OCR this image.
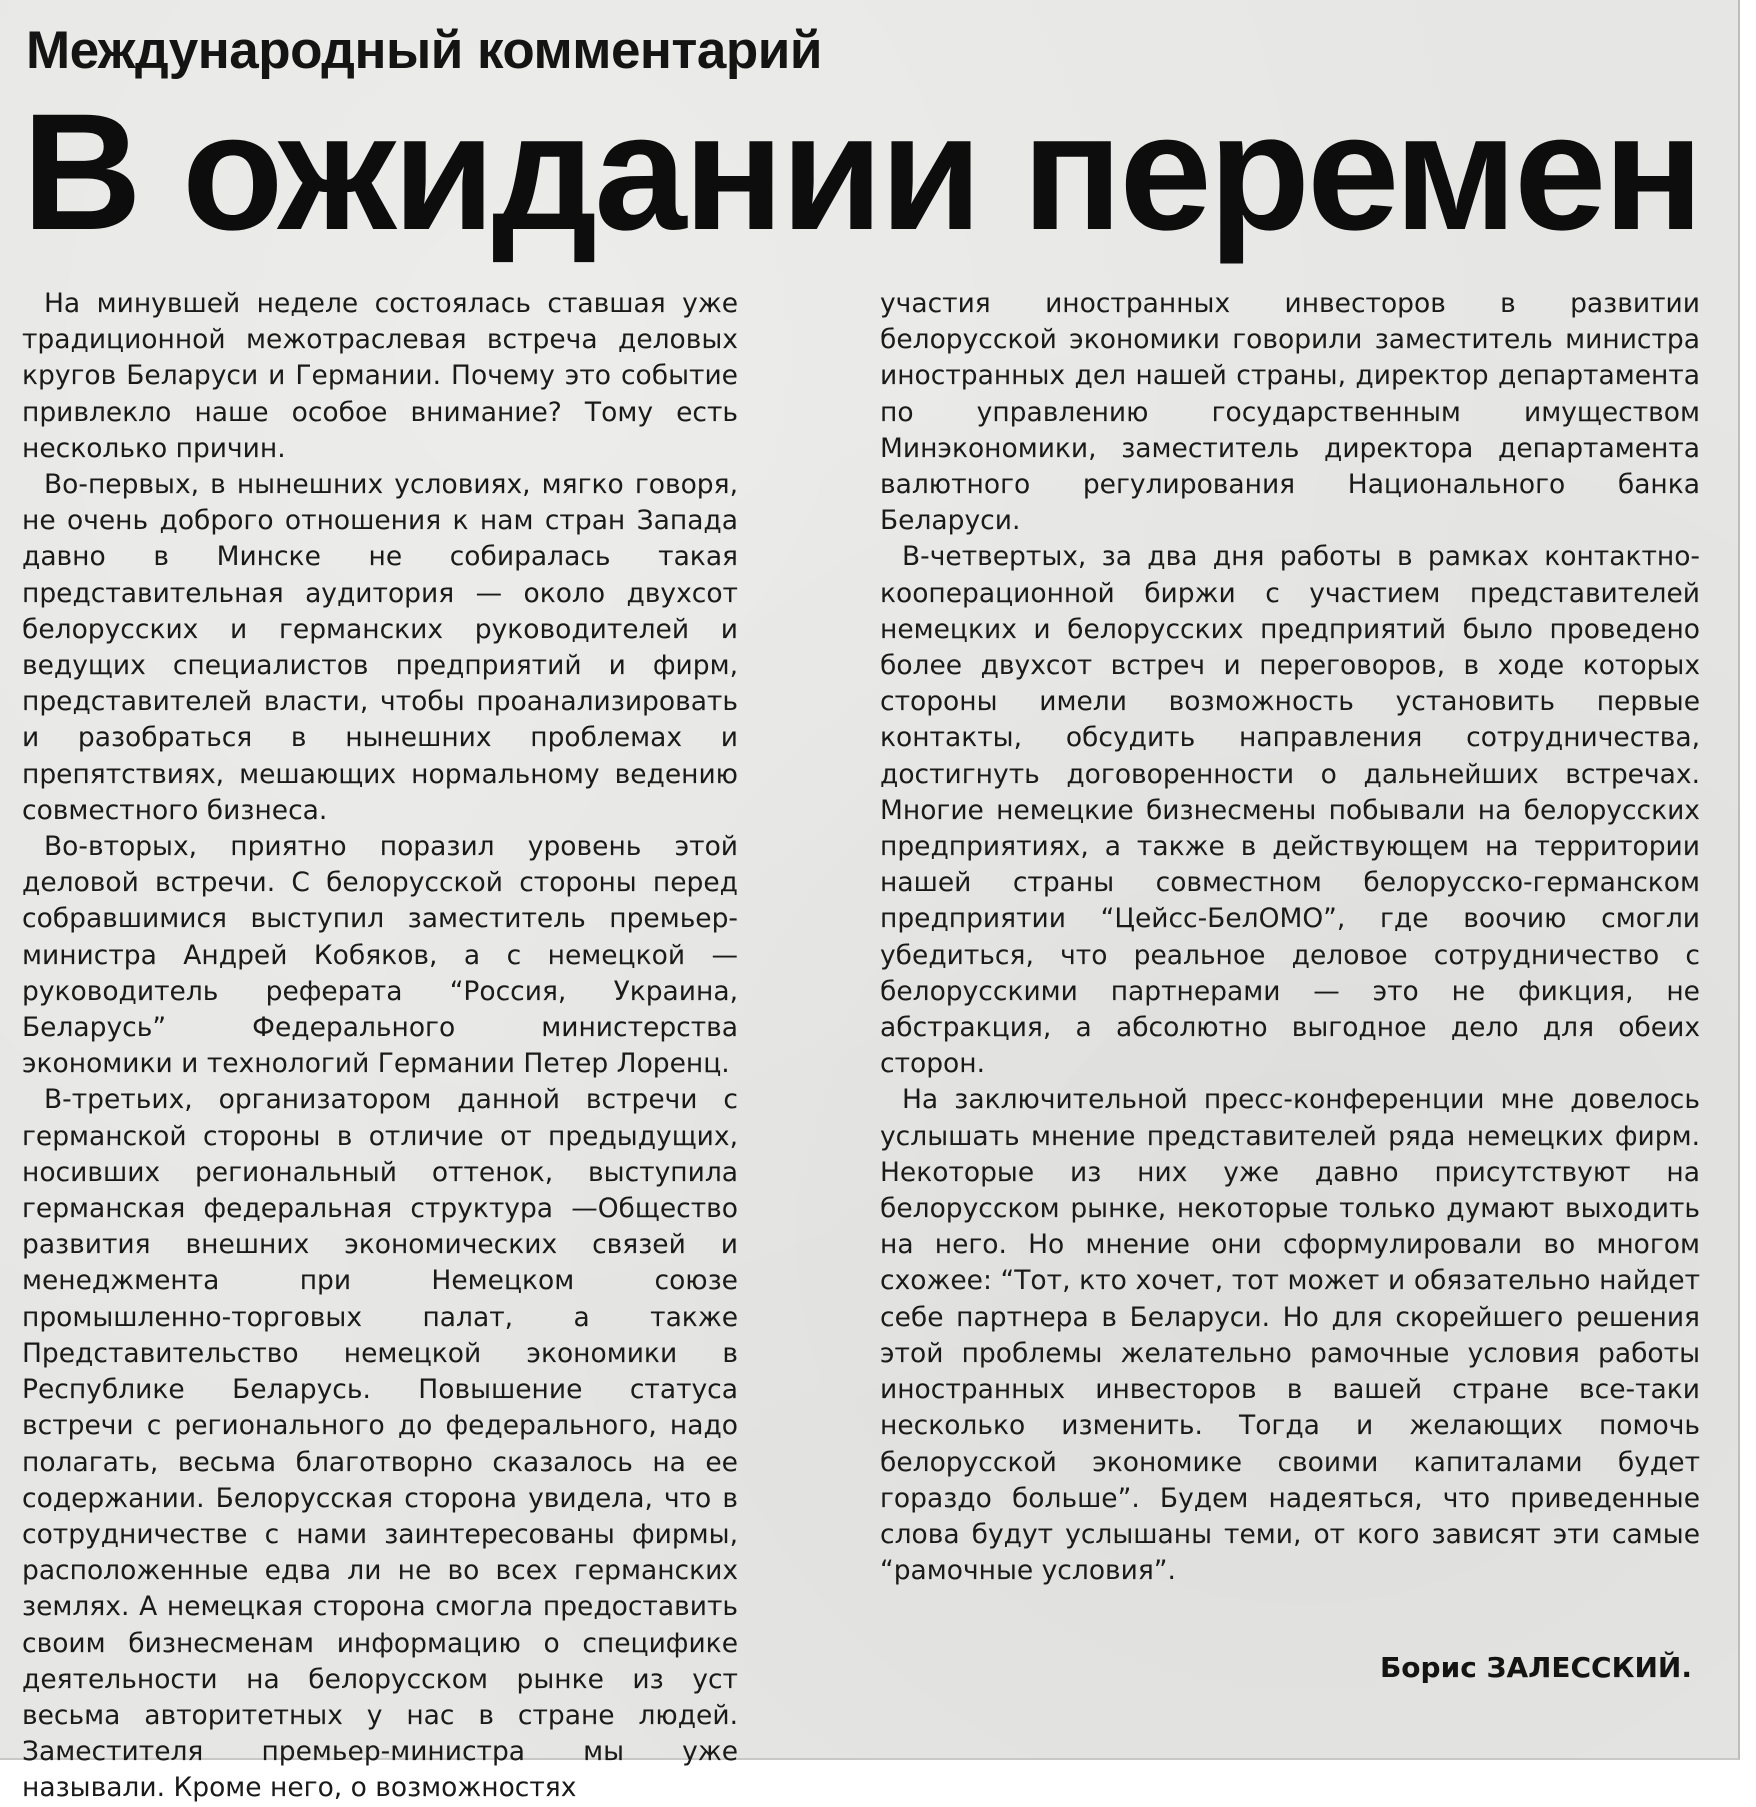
Международный комментарий
В ожидании перемен

На минувшей неделе состоялась ставшая уже традиционной межотраслевая встреча деловых кругов Беларуси и Германии. Почему это событие привлекло наше особое внимание? Тому есть несколько причин.

Во-первых, в нынешних условиях, мягко говоря, не очень доброго отношения к нам стран Запада давно в Минске не собиралась такая представительная аудитория — около двухсот белорусских и германских руководителей и ведущих специалистов предприятий и фирм, представителей власти, чтобы проанализировать и разобраться в нынешних проблемах и препятствиях, мешающих нормальному ведению совместного бизнеса.

Во-вторых, приятно поразил уровень этой деловой встречи. С белорусской стороны перед собравшимися выступил заместитель премьер-министра Андрей Кобяков, а с немецкой — руководитель реферата “Россия, Украина, Беларусь” Федерального министерства экономики и технологий Германии Петер Лоренц.

В-третьих, организатором данной встречи с германской стороны в отличие от предыдущих, носивших региональный оттенок, выступила германская федеральная структура —Общество развития внешних экономических связей и менеджмента при Немецком союзе промышленно-торговых палат, а также Представительство немецкой экономики в Республике Беларусь. Повышение статуса встречи с регионального до федерального, надо полагать, весьма благотворно сказалось на ее содержании. Белорусская сторона увидела, что в сотрудничестве с нами заинтересованы фирмы, расположенные едва ли не во всех германских землях. А немецкая сторона смогла предоставить своим бизнесменам информацию о специфике деятельности на белорусском рынке из уст весьма авторитетных у нас в стране людей. Заместителя премьер-министра мы уже называли. Кроме него, о возможностях

участия иностранных инвесторов в развитии белорусской экономики говорили заместитель министра иностранных дел нашей страны, директор департамента по управлению государственным имуществом Минэкономики, заместитель директора департамента валютного регулирования Национального банка Беларуси.

В-четвертых, за два дня работы в рамках контактно-кооперационной биржи с участием представителей немецких и белорусских предприятий было проведено более двухсот встреч и переговоров, в ходе которых стороны имели возможность установить первые контакты, обсудить направления сотрудничества, достигнуть договоренности о дальнейших встречах. Многие немецкие бизнесмены побывали на белорусских предприятиях, а также в действующем на территории нашей страны совместном белорусско-германском предприятии “Цейсс-БелОМО”, где воочию смогли убедиться, что реальное деловое сотрудничество с белорусскими партнерами — это не фикция, не абстракция, а абсолютно выгодное дело для обеих сторон.

На заключительной пресс-конференции мне довелось услышать мнение представителей ряда немецких фирм. Некоторые из них уже давно присутствуют на белорусском рынке, некоторые только думают выходить на него. Но мнение они сформулировали во многом схожее: “Тот, кто хочет, тот может и обязательно найдет себе партнера в Беларуси. Но для скорейшего решения этой проблемы желательно рамочные условия работы иностранных инвесторов в вашей стране все-таки несколько изменить. Тогда и желающих помочь белорусской экономике своими капиталами будет гораздо больше”. Будем надеяться, что приведенные слова будут услышаны теми, от кого зависят эти самые “рамочные условия”.

Борис ЗАЛЕССКИЙ.
